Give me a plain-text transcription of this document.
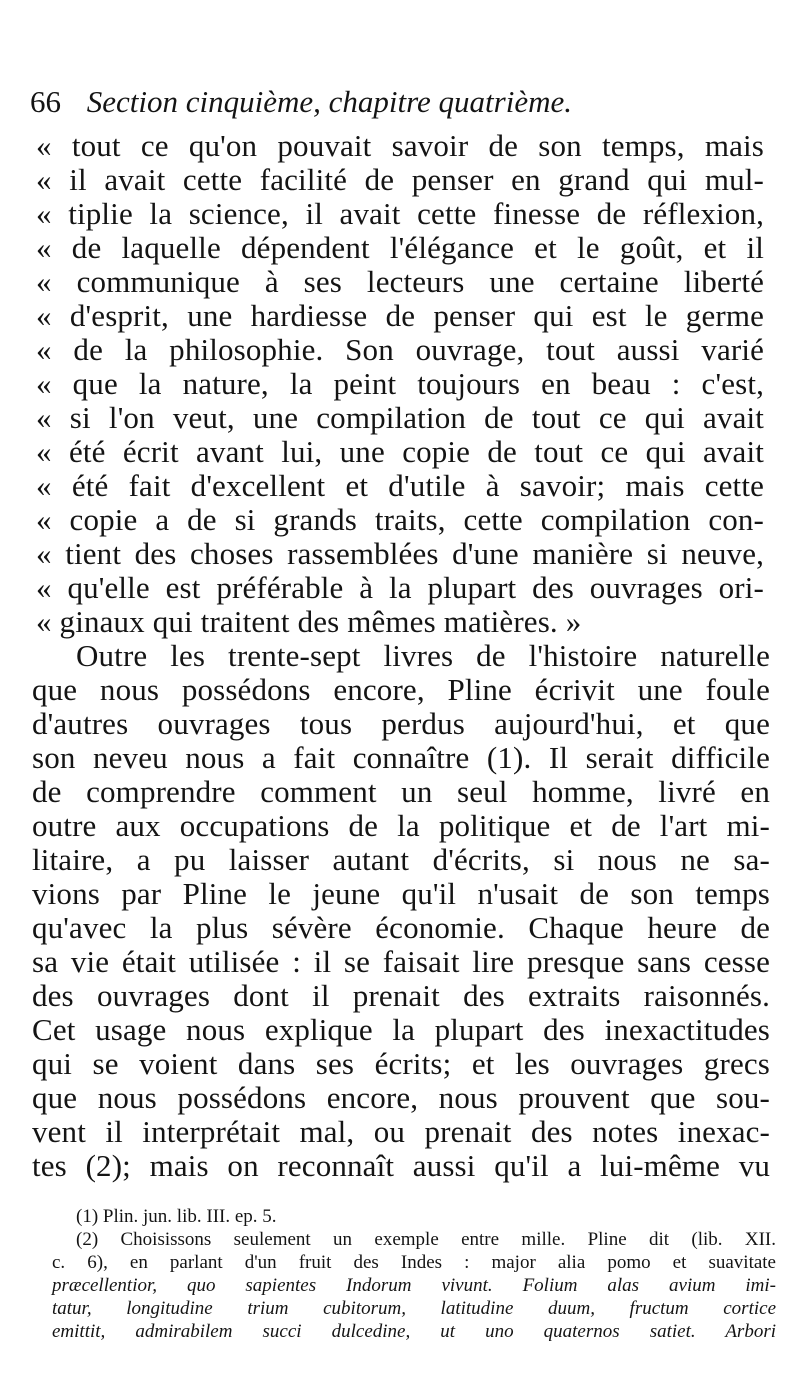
66 Section cinquième, chapitre quatrième.
« tout ce qu'on pouvait savoir de son temps, mais
« il avait cette facilité de penser en grand qui mul-
« tiplie la science, il avait cette finesse de réflexion,
« de laquelle dépendent l'élégance et le goût, et il
« communique à ses lecteurs une certaine liberté
« d'esprit, une hardiesse de penser qui est le germe
« de la philosophie. Son ouvrage, tout aussi varié
« que la nature, la peint toujours en beau : c'est,
« si l'on veut, une compilation de tout ce qui avait
« été écrit avant lui, une copie de tout ce qui avait
« été fait d'excellent et d'utile à savoir; mais cette
« copie a de si grands traits, cette compilation con-
« tient des choses rassemblées d'une manière si neuve,
« qu'elle est préférable à la plupart des ouvrages ori-
« ginaux qui traitent des mêmes matières. »
Outre les trente-sept livres de l'histoire naturelle
que nous possédons encore, Pline écrivit une foule
d'autres ouvrages tous perdus aujourd'hui, et que
son neveu nous a fait connaître (1). Il serait difficile
de comprendre comment un seul homme, livré en
outre aux occupations de la politique et de l'art mi-
litaire, a pu laisser autant d'écrits, si nous ne sa-
vions par Pline le jeune qu'il n'usait de son temps
qu'avec la plus sévère économie. Chaque heure de
sa vie était utilisée : il se faisait lire presque sans cesse
des ouvrages dont il prenait des extraits raisonnés.
Cet usage nous explique la plupart des inexactitudes
qui se voient dans ses écrits; et les ouvrages grecs
que nous possédons encore, nous prouvent que sou-
vent il interprétait mal, ou prenait des notes inexac-
tes (2); mais on reconnaît aussi qu'il a lui-même vu
(1) Plin. jun. lib. III. ep. 5.
(2) Choisissons seulement un exemple entre mille. Pline dit (lib. XII.
c. 6), en parlant d'un fruit des Indes : major alia pomo et suavitate
præcellentior, quo sapientes Indorum vivunt. Folium alas avium imi-
tatur, longitudine trium cubitorum, latitudine duum, fructum cortice
emittit, admirabilem succi dulcedine, ut uno quaternos satiet. Arbori
